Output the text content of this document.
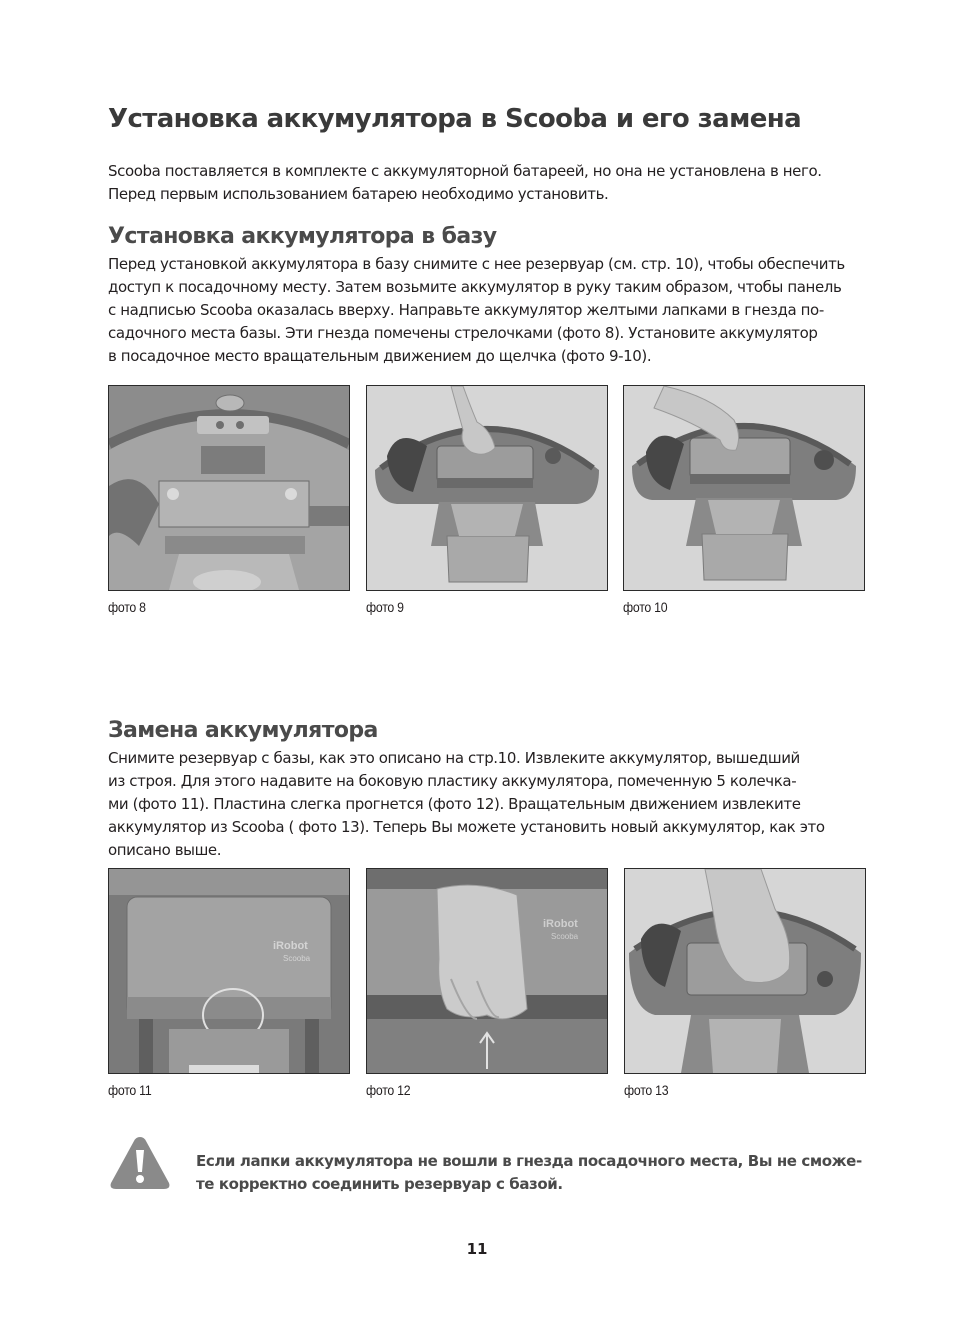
Установка аккумулятора в Scooba и его замена
Scooba поставляется в комплекте с аккумуляторной батареей, но она не установлена в него.
Перед первым использованием батарею необходимо установить.
Установка аккумулятора в базу
Перед установкой аккумулятора в базу снимите с нее резервуар (см. стр. 10), чтобы обеспечить
доступ к посадочному месту. Затем возьмите аккумулятор в руку таким образом, чтобы панель
с надписью Scooba оказалась вверху. Направьте аккумулятор желтыми лапками в гнезда по-
садочного места базы. Эти гнезда помечены стрелочками (фото 8). Установите аккумулятор
в посадочное место вращательным движением до щелчка (фото 9-10).
фото 8	фото 9	фото 10
Замена аккумулятора
Снимите резервуар с базы, как это описано на стр.10. Извлеките аккумулятор, вышедший
из строя. Для этого надавите на боковую пластику аккумулятора, помеченную 5 колечка-
ми (фото 11). Пластина слегка прогнется (фото 12). Вращательным движением извлеките
аккумулятор из Scooba ( фото 13). Теперь Вы можете установить новый аккумулятор, как это
описано выше.
iRobot
Scooba
фото 11
iRobot
Scooba
фото 12	фото 13
Если лапки аккумулятора не вошли в гнезда посадочного места, Вы не сможе-
те корректно соединить резервуар с базой.
11
